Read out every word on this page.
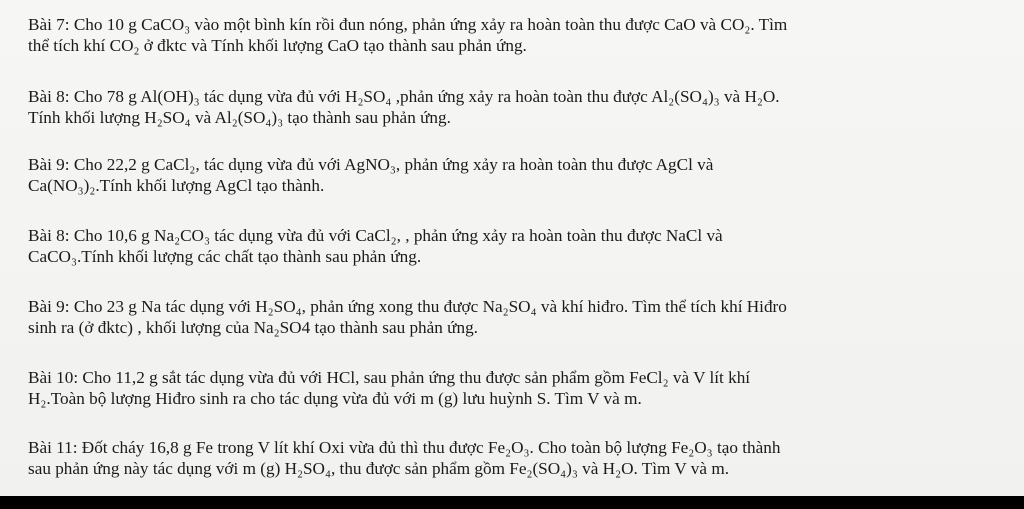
Bài 7: Cho 10 g CaCO₃ vào một bình kín rồi đun nóng, phản ứng xảy ra hoàn toàn thu được CaO và CO₂. Tìm
thể tích khí CO₂ ở đktc và Tính khối lượng CaO tạo thành sau phản ứng.
Bài 8: Cho 78 g Al(OH)₃ tác dụng vừa đủ với H₂SO₄ ,phản ứng xảy ra hoàn toàn thu được Al₂(SO₄)₃ và H₂O.
Tính khối lượng H₂SO₄ và Al₂(SO₄)₃ tạo thành sau phản ứng.
Bài 9: Cho 22,2 g CaCl₂, tác dụng vừa đủ với AgNO₃, phản ứng xảy ra hoàn toàn thu được AgCl và
Ca(NO₃)₂.Tính khối lượng AgCl tạo thành.
Bài 8: Cho 10,6 g Na₂CO₃ tác dụng vừa đủ với CaCl₂, , phản ứng xảy ra hoàn toàn thu được NaCl và
CaCO₃.Tính khối lượng các chất tạo thành sau phản ứng.
Bài 9: Cho 23 g Na tác dụng với H₂SO₄, phản ứng xong thu được Na₂SO₄ và khí hiđro. Tìm thể tích khí Hiđro
sinh ra (ở đktc) , khối lượng của Na₂SO4 tạo thành sau phản ứng.
Bài 10: Cho 11,2 g sắt tác dụng vừa đủ với HCl, sau phản ứng thu được sản phẩm gồm FeCl₂ và V lít khí
H₂.Toàn bộ lượng Hiđro sinh ra cho tác dụng vừa đủ với m (g) lưu huỳnh S. Tìm V và m.
Bài 11: Đốt cháy 16,8 g Fe trong V lít khí Oxi vừa đủ thì thu được Fe₂O₃. Cho toàn bộ lượng Fe₂O₃ tạo thành
sau phản ứng này tác dụng với m (g) H₂SO₄, thu được sản phẩm gồm Fe₂(SO₄)₃ và H₂O. Tìm V và m.
